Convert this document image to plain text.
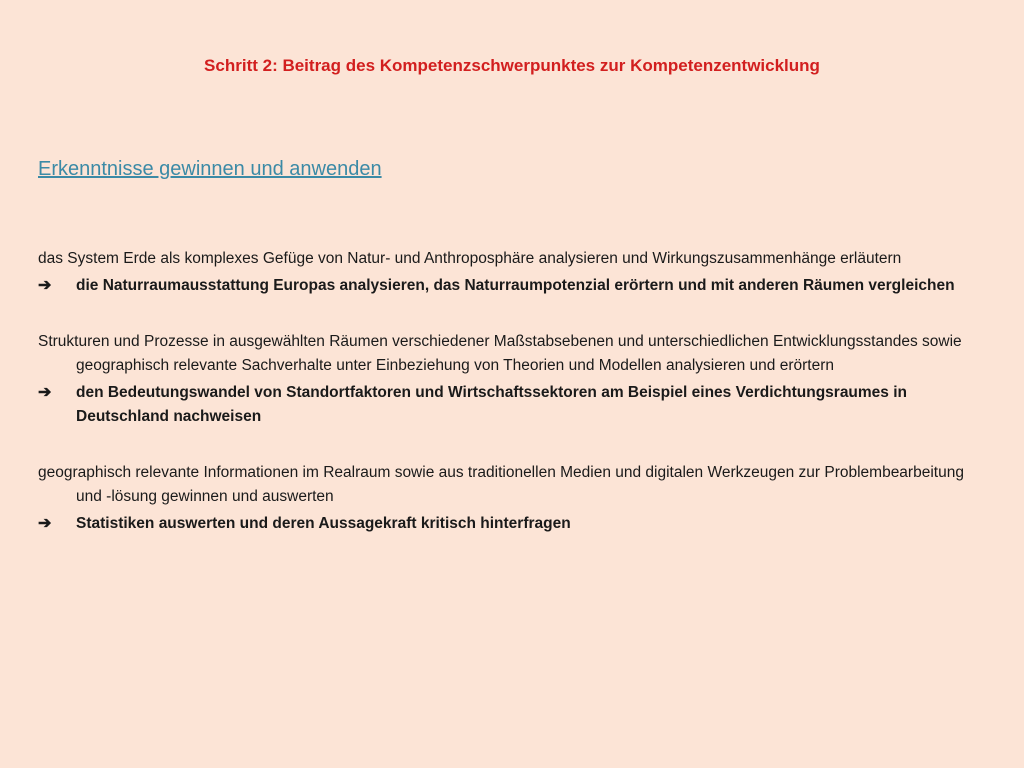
Schritt 2: Beitrag des Kompetenzschwerpunktes zur Kompetenzentwicklung
Erkenntnisse gewinnen und anwenden

das System Erde als komplexes Gefüge von Natur- und Anthroposphäre analysieren und Wirkungszusammenhänge erläutern

➔ die Naturraumausstattung Europas analysieren, das Naturraumpotenzial erörtern und mit anderen Räumen vergleichen

Strukturen und Prozesse in ausgewählten Räumen verschiedener Maßstabsebenen und unterschiedlichen Entwicklungsstandes sowie geographisch relevante Sachverhalte unter Einbeziehung von Theorien und Modellen analysieren und erörtern

➔ den Bedeutungswandel von Standortfaktoren und Wirtschaftssektoren am Beispiel eines Verdichtungsraumes in Deutschland nachweisen

geographisch relevante Informationen im Realraum sowie aus traditionellen Medien und digitalen Werkzeugen zur Problembearbeitung und -lösung gewinnen und auswerten

➔ Statistiken auswerten und deren Aussagekraft kritisch hinterfragen
